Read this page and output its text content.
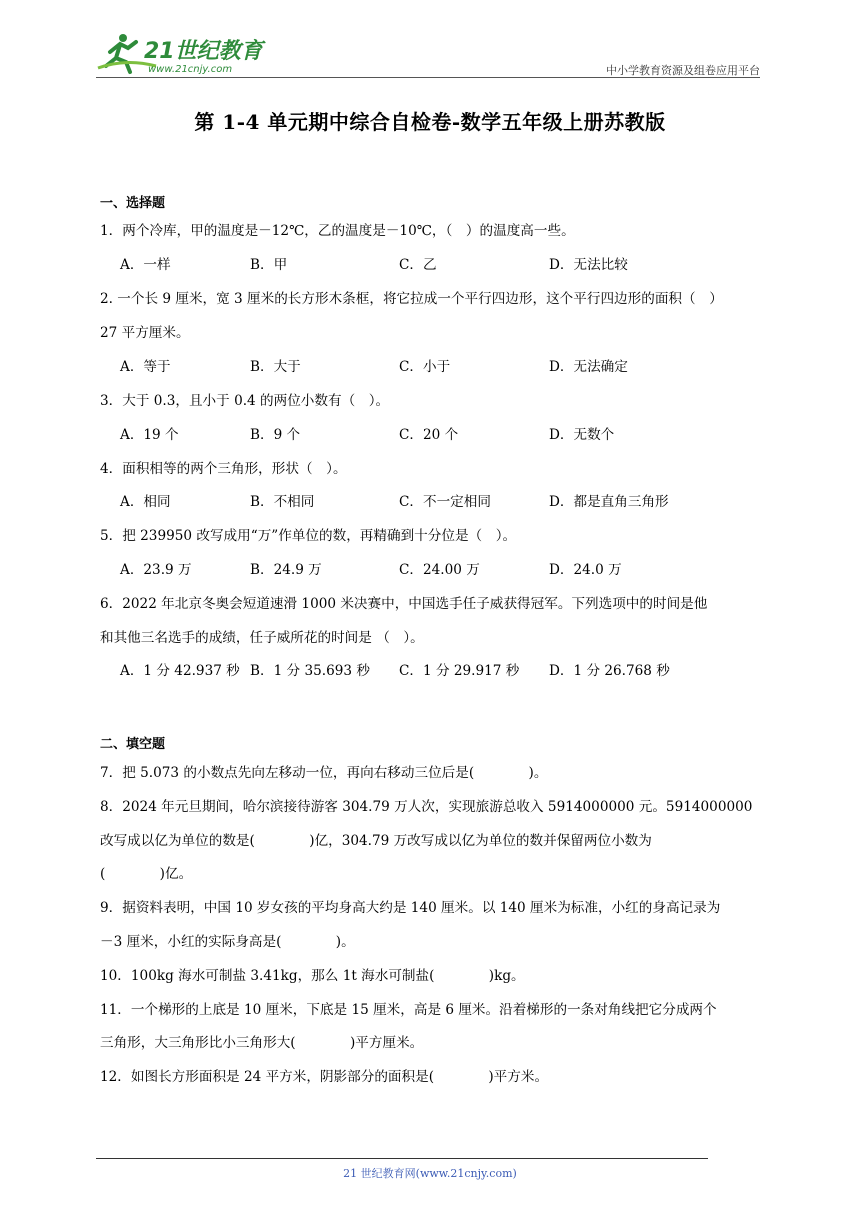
21世纪教育
www.21cnjy.com	中小学教育资源及组卷应用平台
第 1-4 单元期中综合自检卷-数学五年级上册苏教版
一、选择题
1．两个冷库，甲的温度是－12℃，乙的温度是－10℃，（　）的温度高一些。
A．一样	B．甲	C．乙	D．无法比较
2. 一个长 9 厘米，宽 3 厘米的长方形木条框，将它拉成一个平行四边形，这个平行四边形的面积（　）
27 平方厘米。
A．等于	B．大于	C．小于	D．无法确定
3．大于 0.3，且小于 0.4 的两位小数有（　）。
A．19 个	B．9 个	C．20 个	D．无数个
4．面积相等的两个三角形，形状（　）。
A．相同	B．不相同	C．不一定相同	D．都是直角三角形
5．把 239950 改写成用“万”作单位的数，再精确到十分位是（　）。
A．23.9 万	B．24.9 万	C．24.00 万	D．24.0 万
6．2022 年北京冬奥会短道速滑 1000 米决赛中，中国选手任子威获得冠军。下列选项中的时间是他
和其他三名选手的成绩，任子威所花的时间是 （　）。
A．1 分 42.937 秒 B．1 分 35.693 秒 C．1 分 29.917 秒 D．1 分 26.768 秒
二、填空题
7．把 5.073 的小数点先向左移动一位，再向右移动三位后是(　　　　)。
8．2024 年元旦期间，哈尔滨接待游客 304.79 万人次，实现旅游总收入 5914000000 元。5914000000
改写成以亿为单位的数是(　　　　)亿，304.79 万改写成以亿为单位的数并保留两位小数为
(　　　　)亿。
9．据资料表明，中国 10 岁女孩的平均身高大约是 140 厘米。以 140 厘米为标准，小红的身高记录为
－3 厘米，小红的实际身高是(　　　　)。
10．100kg 海水可制盐 3.41kg，那么 1t 海水可制盐(　　　　)kg。
11．一个梯形的上底是 10 厘米，下底是 15 厘米，高是 6 厘米。沿着梯形的一条对角线把它分成两个
三角形，大三角形比小三角形大(　　　　)平方厘米。
12．如图长方形面积是 24 平方米，阴影部分的面积是(　　　　)平方米。
21 世纪教育网(www.21cnjy.com)
